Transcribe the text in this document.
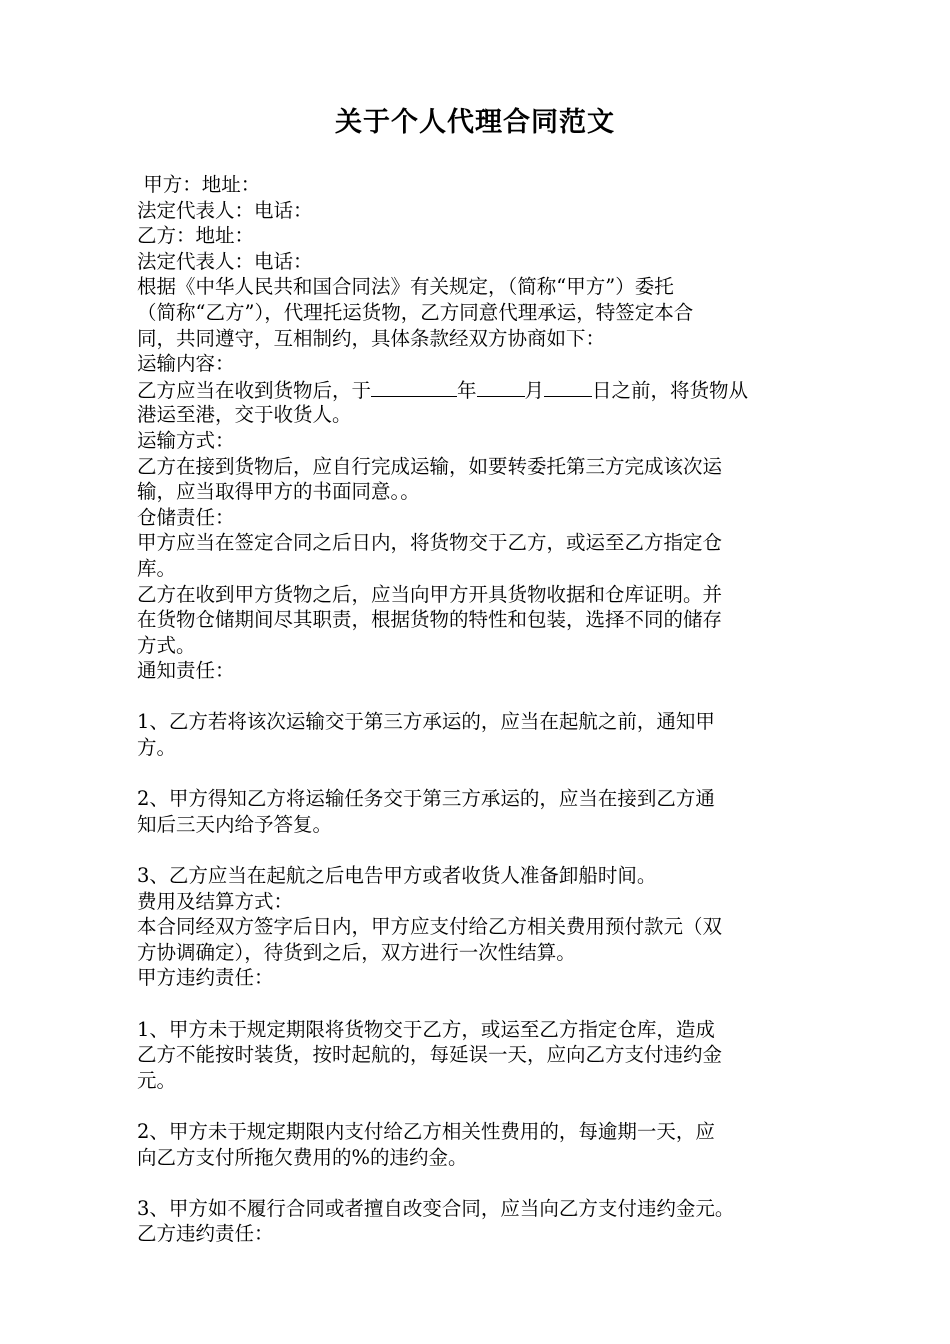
关于个人代理合同范文
甲方：地址：
法定代表人：电话：
乙方：地址：
法定代表人：电话：
根据《中华人民共和国合同法》有关规定，（简称“甲方”）委托
（简称“乙方”），代理托运货物，乙方同意代理承运，特签定本合
同，共同遵守，互相制约，具体条款经双方协商如下：
运输内容：
乙方应当在收到货物后，于	年 月 日之前，将货物从
港运至港，交于收货人。
运输方式：
乙方在接到货物后，应自行完成运输，如要转委托第三方完成该次运
输，应当取得甲方的书面同意。。
仓储责任：
甲方应当在签定合同之后日内，将货物交于乙方，或运至乙方指定仓
库。
乙方在收到甲方货物之后，应当向甲方开具货物收据和仓库证明。并
在货物仓储期间尽其职责，根据货物的特性和包装，选择不同的储存
方式。
通知责任：
1、乙方若将该次运输交于第三方承运的，应当在起航之前，通知甲
方。
2、甲方得知乙方将运输任务交于第三方承运的，应当在接到乙方通
知后三天内给予答复。
3、乙方应当在起航之后电告甲方或者收货人准备卸船时间。
费用及结算方式：
本合同经双方签字后日内，甲方应支付给乙方相关费用预付款元（双
方协调确定），待货到之后，双方进行一次性结算。
甲方违约责任：
1、甲方未于规定期限将货物交于乙方，或运至乙方指定仓库，造成
乙方不能按时装货，按时起航的，每延误一天，应向乙方支付违约金
元。
2、甲方未于规定期限内支付给乙方相关性费用的，每逾期一天，应
向乙方支付所拖欠费用的%的违约金。
3、甲方如不履行合同或者擅自改变合同，应当向乙方支付违约金元。
乙方违约责任：
